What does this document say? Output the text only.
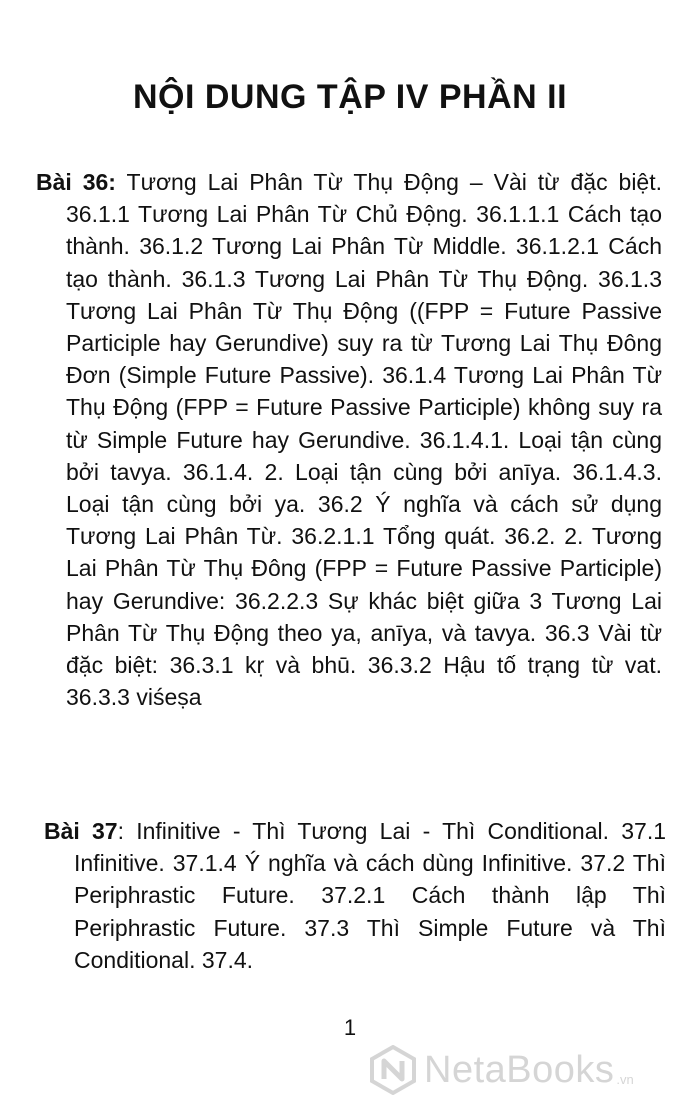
NỘI DUNG TẬP IV PHẦN II
Bài 36: Tương Lai Phân Từ Thụ Động – Vài từ đặc biệt. 36.1.1 Tương Lai Phân Từ Chủ Động. 36.1.1.1 Cách tạo thành. 36.1.2 Tương Lai Phân Từ Middle. 36.1.2.1 Cách tạo thành. 36.1.3 Tương Lai Phân Từ Thụ Động. 36.1.3 Tương Lai Phân Từ Thụ Động ((FPP = Future Passive Participle hay Gerundive) suy ra từ Tương Lai Thụ Đông Đơn (Simple Future Passive). 36.1.4 Tương Lai Phân Từ Thụ Động (FPP = Future Passive Participle) không suy ra từ Simple Future hay Gerundive. 36.1.4.1. Loại tận cùng bởi tavya. 36.1.4. 2. Loại tận cùng bởi anīya. 36.1.4.3. Loại tận cùng bởi ya. 36.2 Ý nghĩa và cách sử dụng Tương Lai Phân Từ. 36.2.1.1 Tổng quát. 36.2. 2. Tương Lai Phân Từ Thụ Đông (FPP = Future Passive Participle) hay Gerundive: 36.2.2.3 Sự khác biệt giữa 3 Tương Lai Phân Từ Thụ Động theo ya, anīya, và tavya. 36.3 Vài từ đặc biệt: 36.3.1 kṛ và bhū. 36.3.2 Hậu tố trạng từ vat. 36.3.3 viśeṣa
Bài 37: Infinitive - Thì Tương Lai - Thì Conditional. 37.1 Infinitive. 37.1.4 Ý nghĩa và cách dùng Infinitive. 37.2 Thì Periphrastic Future. 37.2.1 Cách thành lập Thì Periphrastic Future. 37.3 Thì Simple Future và Thì Conditional. 37.4.
1
NetaBooks .vn
